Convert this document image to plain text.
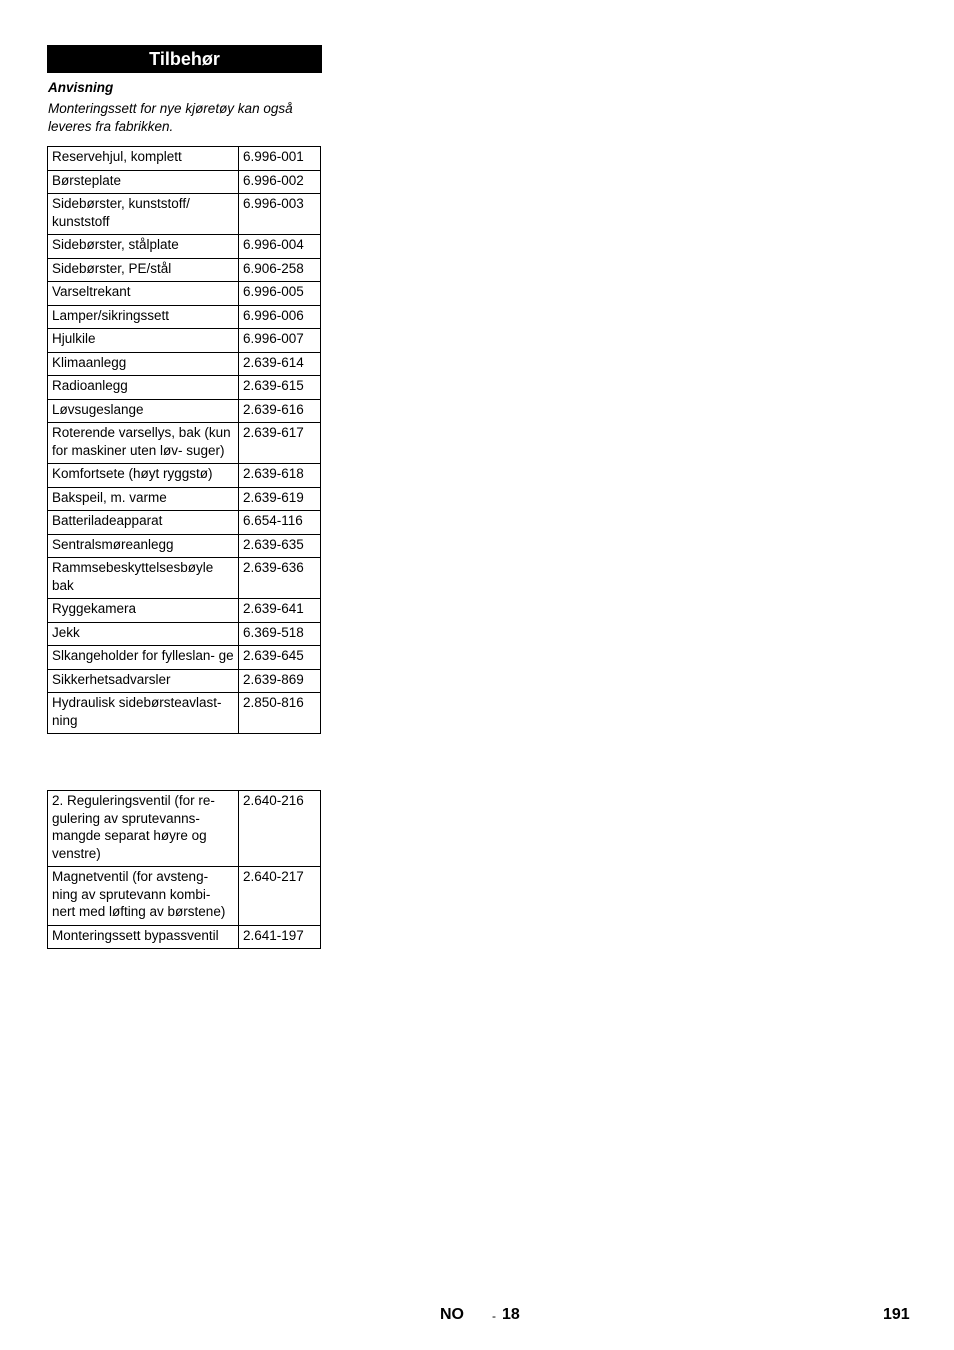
Tilbehør
Anvisning
Monteringssett for nye kjøretøy kan også leveres fra fabrikken.
Reservehjul, komplett	6.996-001
Børsteplate	6.996-002
Sidebørster, kunststoff/ kunststoff	6.996-003
Sidebørster, stålplate	6.996-004
Sidebørster, PE/stål	6.906-258
Varseltrekant	6.996-005
Lamper/sikringssett	6.996-006
Hjulkile	6.996-007
Klimaanlegg	2.639-614
Radioanlegg	2.639-615
Løvsugeslange	2.639-616
Roterende varsellys, bak (kun for maskiner uten løv- suger)	2.639-617
Komfortsete (høyt ryggstø)	2.639-618
Bakspeil, m. varme	2.639-619
Batteriladeapparat	6.654-116
Sentralsmøreanlegg	2.639-635
Rammsebeskyttelsesbøyle bak	2.639-636
Ryggekamera	2.639-641
Jekk	6.369-518
Slkangeholder for fylleslan- ge	2.639-645
Sikkerhetsadvarsler	2.639-869
Hydraulisk sidebørsteavlast- ning	2.850-816
2. Reguleringsventil (for re- gulering av sprutevanns- mangde separat høyre og venstre)	2.640-216
Magnetventil (for avsteng- ning av sprutevann kombi- nert med løfting av børstene)	2.640-217
Monteringssett bypassventil	2.641-197
NO - 18	191
